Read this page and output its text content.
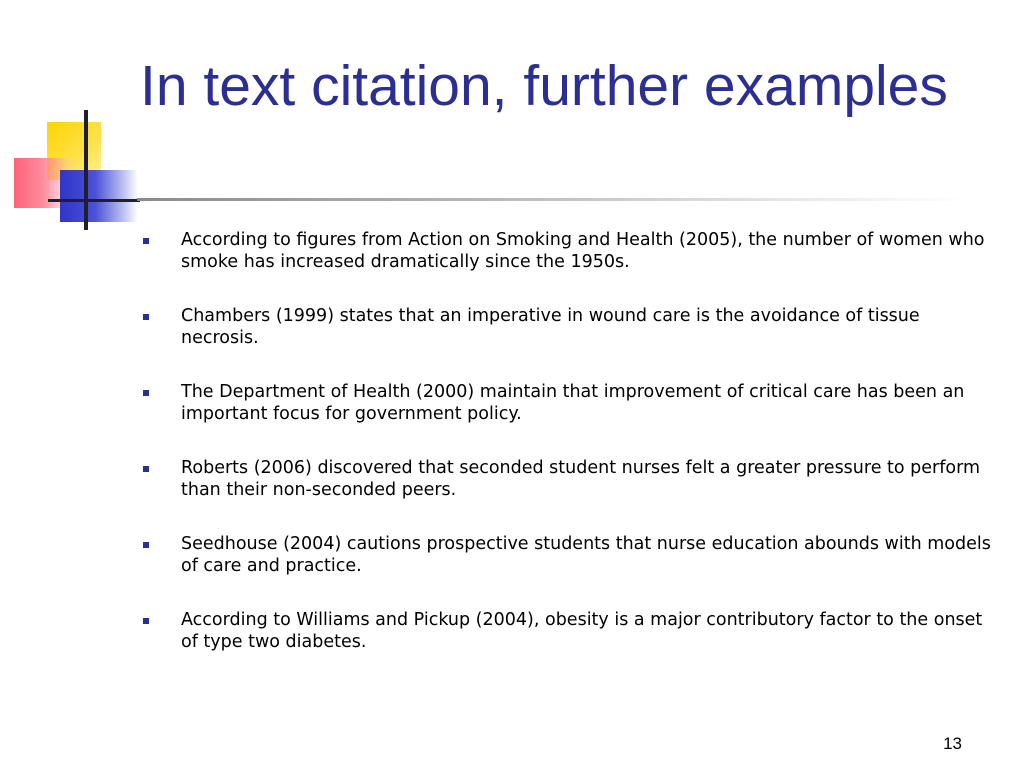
In text citation, further examples
According to figures from Action on Smoking and Health (2005), the number of women who smoke has increased dramatically since the 1950s.
Chambers (1999) states that an imperative in wound care is the avoidance of tissue necrosis.
The Department of Health (2000) maintain that improvement of critical care has been an important focus for government policy.
Roberts (2006) discovered that seconded student nurses felt a greater pressure to perform than their non-seconded peers.
Seedhouse (2004) cautions prospective students that nurse education abounds with models of care and practice.
According to Williams and Pickup (2004), obesity is a major contributory factor to the onset of type two diabetes.
13
